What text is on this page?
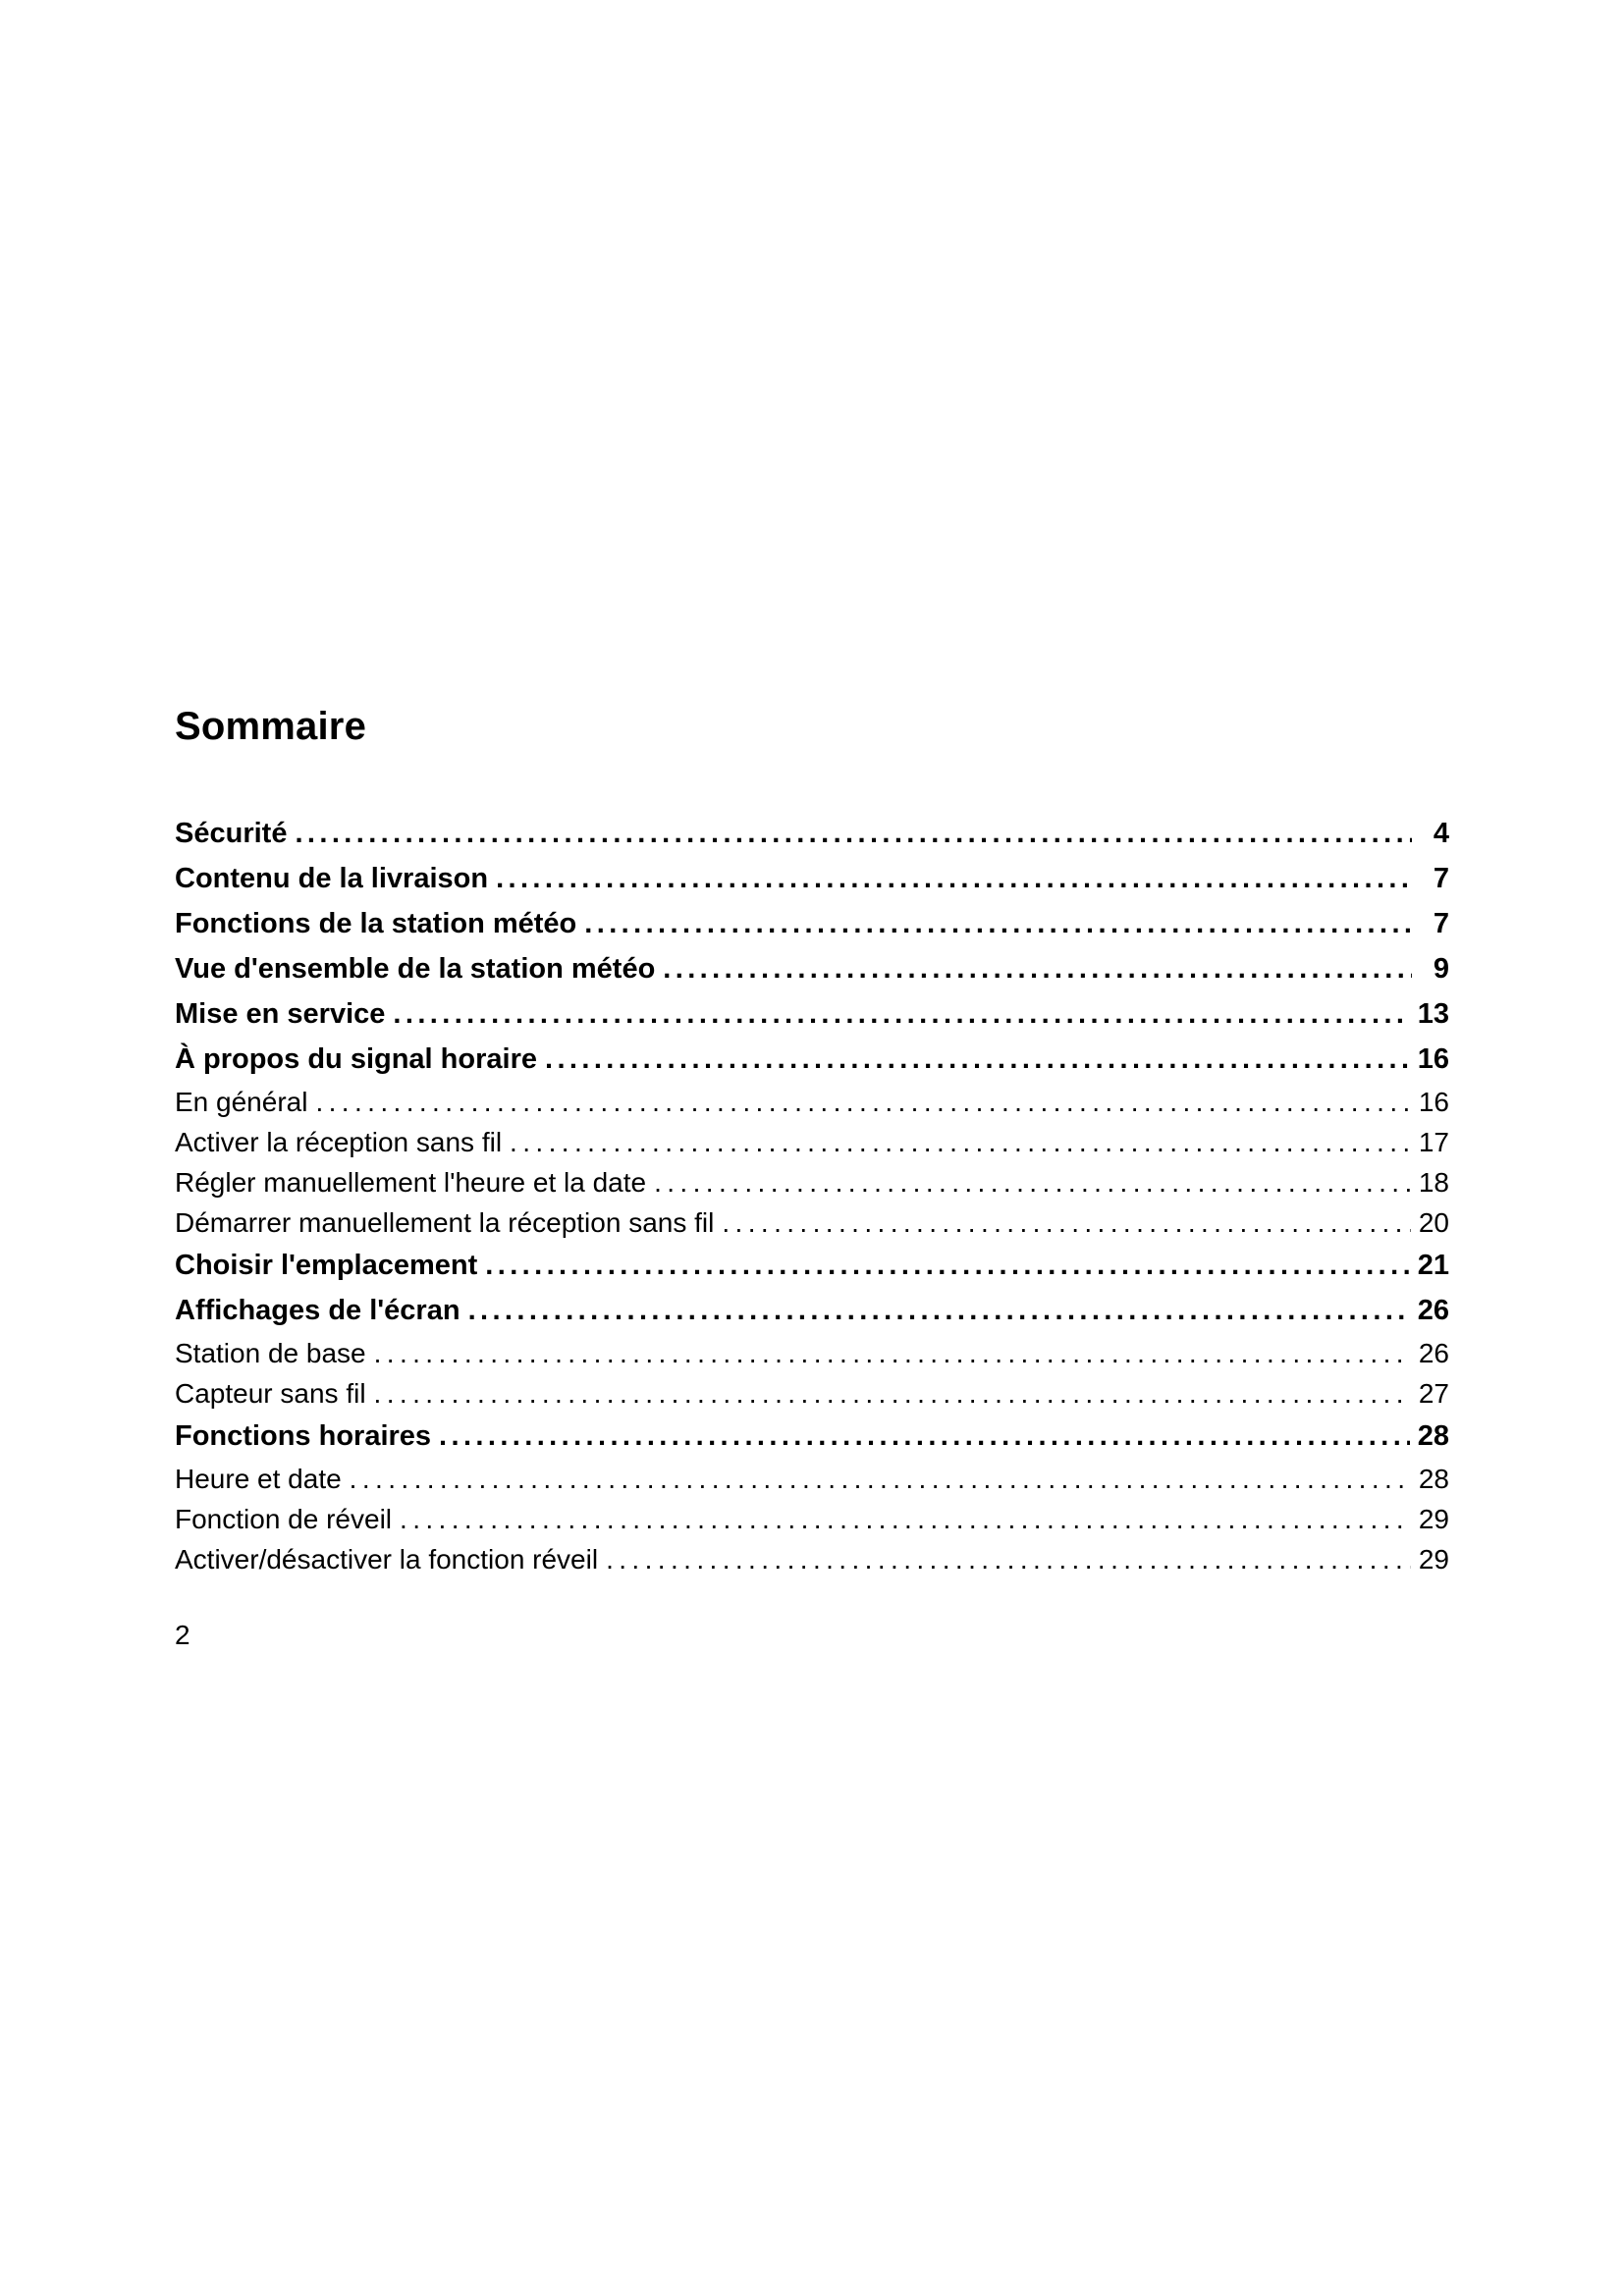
Sommaire
Sécurité .....	4
Contenu de la livraison .....	7
Fonctions de la station météo .....	7
Vue d'ensemble de la station météo .....	9
Mise en service .....	13
À propos du signal horaire .....	16
En général .....	16
Activer la réception sans fil .....	17
Régler manuellement l'heure et la date .....	18
Démarrer manuellement la réception sans fil .....	20
Choisir l'emplacement .....	21
Affichages de l'écran .....	26
Station de base .....	26
Capteur sans fil .....	27
Fonctions horaires .....	28
Heure et date .....	28
Fonction de réveil .....	29
Activer/désactiver la fonction réveil .....	29
2
